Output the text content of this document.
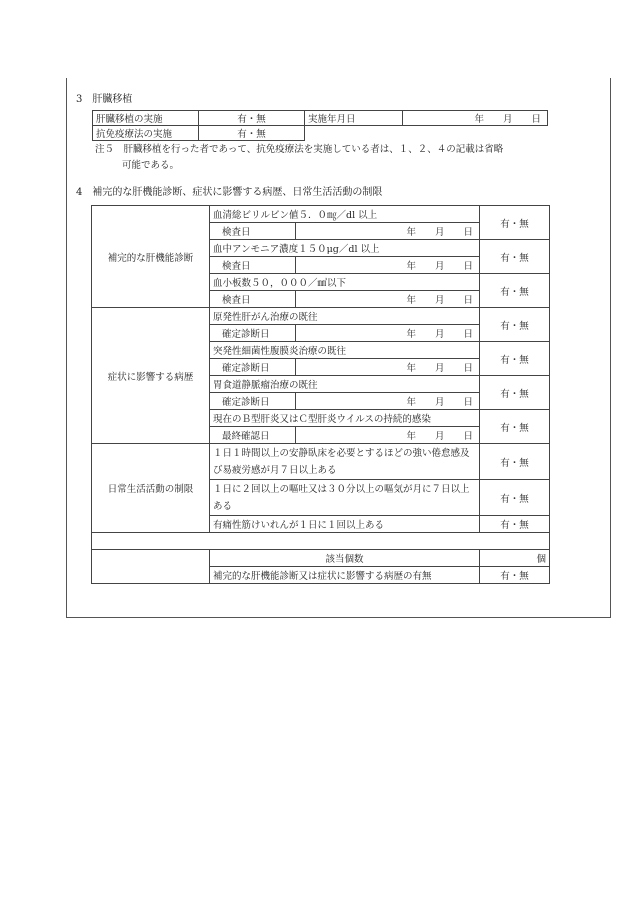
3　肝臓移植
肝臓移植の実施	有・無	実施年月日	年　　月　　日
抗免疫療法の実施	有・無		
注５　肝臓移植を行った者であって、抗免疫療法を実施している者は、１、２、４の記載は省略
可能である。
4　補完的な肝機能診断、症状に影響する病歴、日常生活活動の制限
補完的な肝機能診断	血清総ビリルビン値５．０㎎／dl 以上		有・無
	検査日	年　　月　　日	
	血中アンモニア濃度１５０μg／dl 以上		有・無
	検査日	年　　月　　日	
	血小板数５０，０００／㎣以下		有・無
	検査日	年　　月　　日	
症状に影響する病歴	原発性肝がん治療の既往		有・無
	確定診断日	年　　月　　日	
	突発性細菌性腹膜炎治療の既往		有・無
	確定診断日	年　　月　　日	
	胃食道静脈瘤治療の既往		有・無
	確定診断日	年　　月　　日	
	現在のＢ型肝炎又はＣ型肝炎ウイルスの持続的感染		有・無
	最終確認日	年　　月　　日	
日常生活活動の制限	１日１時間以上の安静臥床を必要とするほどの強い倦怠感及び易疲労感が月７日以上ある		有・無
	１日に２回以上の嘔吐又は３０分以上の嘔気が月に７日以上ある		有・無
	有痛性筋けいれんが１日に１回以上ある		有・無

	該当個数		個
	補完的な肝機能診断又は症状に影響する病歴の有無		有・無
